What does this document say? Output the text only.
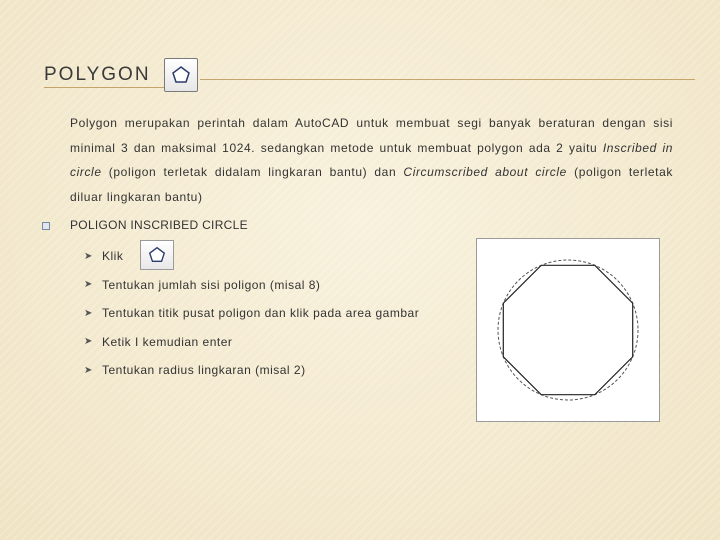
POLYGON
Polygon merupakan perintah dalam AutoCAD untuk membuat segi banyak beraturan dengan sisi minimal 3 dan maksimal 1024. sedangkan metode untuk membuat polygon ada 2 yaitu Inscribed in circle (poligon terletak didalam lingkaran bantu) dan Circumscribed about circle (poligon terletak diluar lingkaran bantu)
POLIGON INSCRIBED CIRCLE
➤ Klik
➤ Tentukan jumlah sisi poligon (misal 8)
➤ Tentukan titik pusat poligon dan klik pada area gambar
➤ Ketik I kemudian enter
➤ Tentukan radius lingkaran (misal 2)
